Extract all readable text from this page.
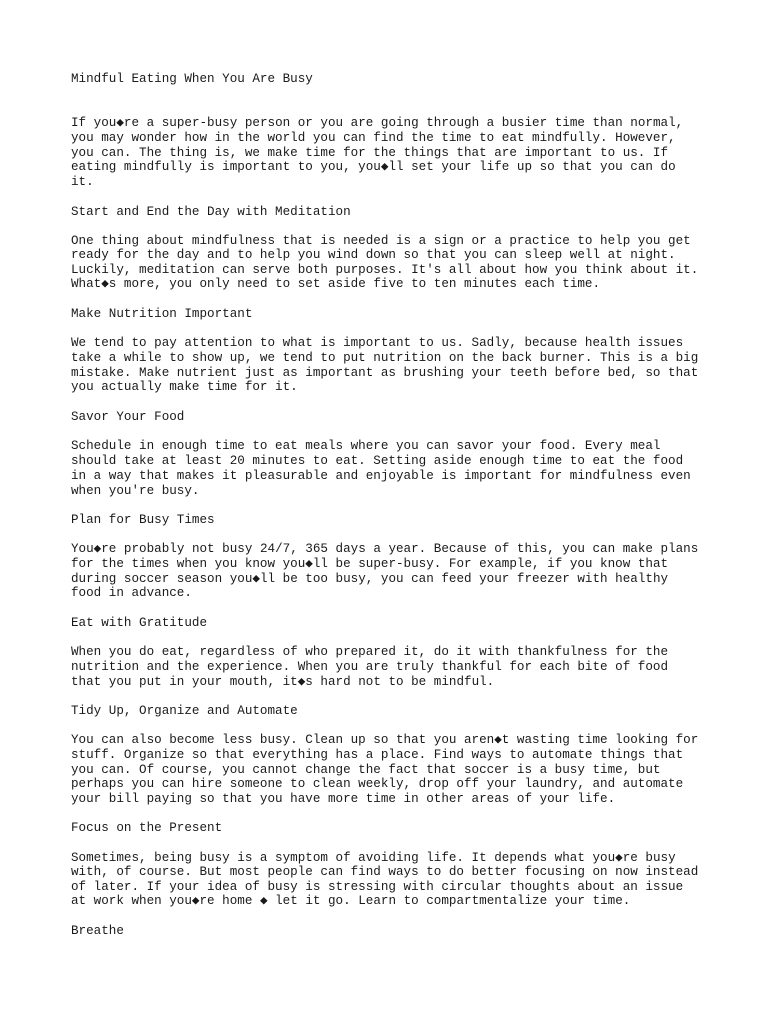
Mindful Eating When You Are Busy
If you◆re a super-busy person or you are going through a busier time than normal,
you may wonder how in the world you can find the time to eat mindfully. However,
you can. The thing is, we make time for the things that are important to us. If
eating mindfully is important to you, you◆ll set your life up so that you can do
it.
Start and End the Day with Meditation
One thing about mindfulness that is needed is a sign or a practice to help you get
ready for the day and to help you wind down so that you can sleep well at night.
Luckily, meditation can serve both purposes. It's all about how you think about it.
What◆s more, you only need to set aside five to ten minutes each time.
Make Nutrition Important
We tend to pay attention to what is important to us. Sadly, because health issues
take a while to show up, we tend to put nutrition on the back burner. This is a big
mistake. Make nutrient just as important as brushing your teeth before bed, so that
you actually make time for it.
Savor Your Food
Schedule in enough time to eat meals where you can savor your food. Every meal
should take at least 20 minutes to eat. Setting aside enough time to eat the food
in a way that makes it pleasurable and enjoyable is important for mindfulness even
when you're busy.
Plan for Busy Times
You◆re probably not busy 24/7, 365 days a year. Because of this, you can make plans
for the times when you know you◆ll be super-busy. For example, if you know that
during soccer season you◆ll be too busy, you can feed your freezer with healthy
food in advance.
Eat with Gratitude
When you do eat, regardless of who prepared it, do it with thankfulness for the
nutrition and the experience. When you are truly thankful for each bite of food
that you put in your mouth, it◆s hard not to be mindful.
Tidy Up, Organize and Automate
You can also become less busy. Clean up so that you aren◆t wasting time looking for
stuff. Organize so that everything has a place. Find ways to automate things that
you can. Of course, you cannot change the fact that soccer is a busy time, but
perhaps you can hire someone to clean weekly, drop off your laundry, and automate
your bill paying so that you have more time in other areas of your life.
Focus on the Present
Sometimes, being busy is a symptom of avoiding life. It depends what you◆re busy
with, of course. But most people can find ways to do better focusing on now instead
of later. If your idea of busy is stressing with circular thoughts about an issue
at work when you◆re home ◆ let it go. Learn to compartmentalize your time.
Breathe
